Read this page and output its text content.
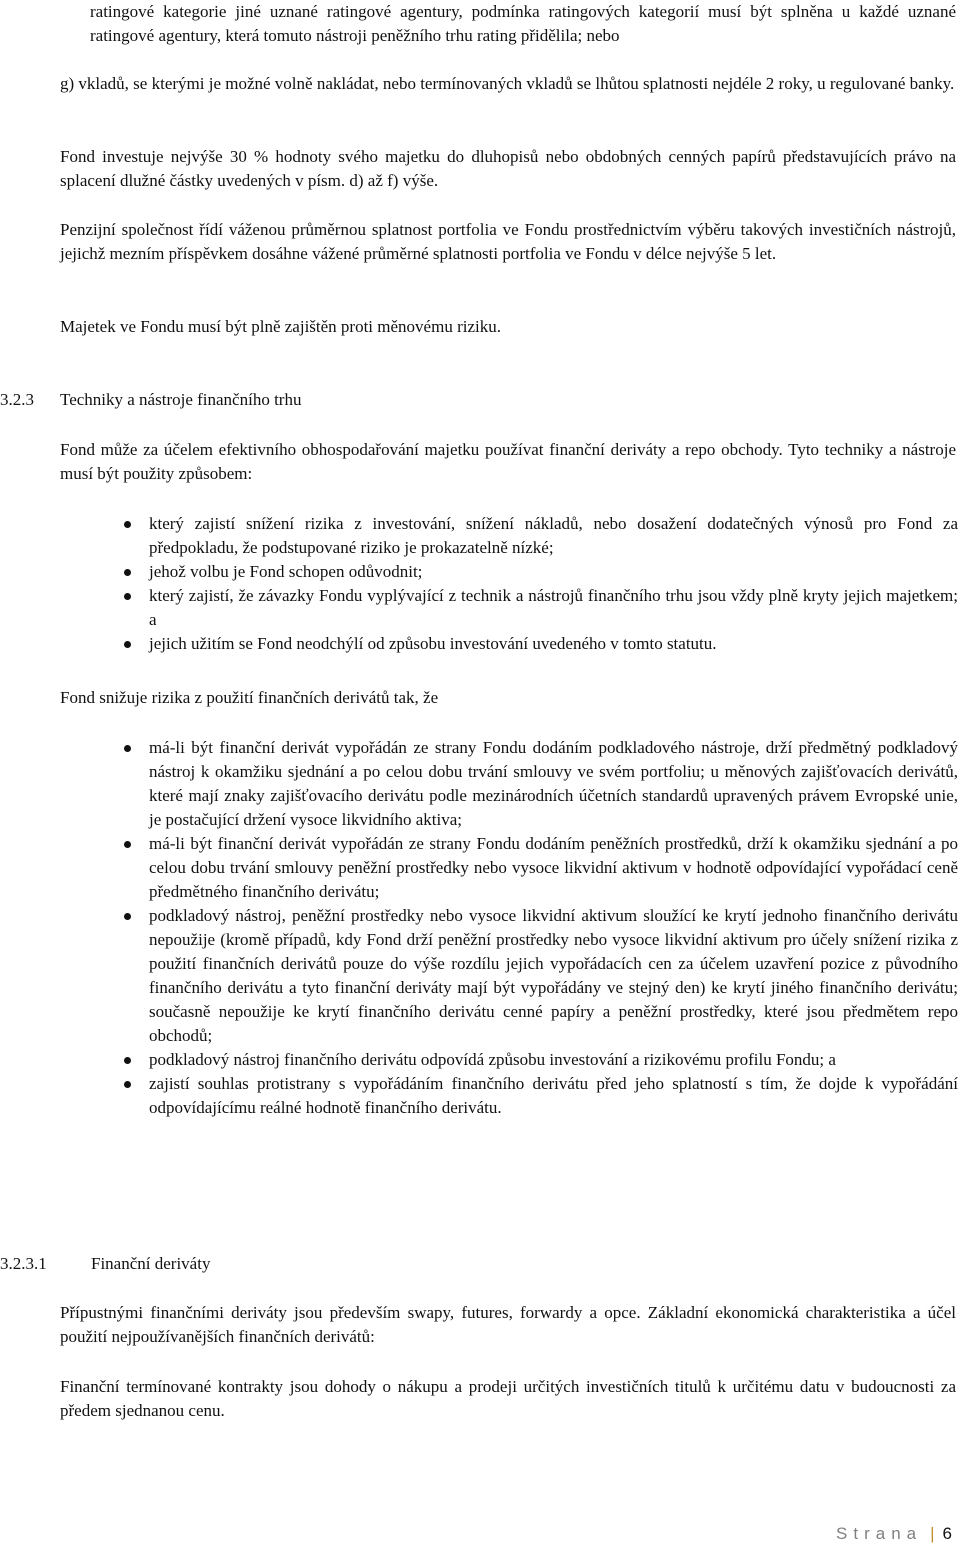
ratingové kategorie jiné uznané ratingové agentury, podmínka ratingových kategorií musí být splněna u každé uznané ratingové agentury, která tomuto nástroji peněžního trhu rating přidělila; nebo

g) vkladů, se kterými je možné volně nakládat, nebo termínovaných vkladů se lhůtou splatnosti nejdéle 2 roky, u regulované banky.

Fond investuje nejvýše 30 % hodnoty svého majetku do dluhopisů nebo obdobných cenných papírů představujících právo na splacení dlužné částky uvedených v písm. d) až f) výše.

Penzijní společnost řídí váženou průměrnou splatnost portfolia ve Fondu prostřednictvím výběru takových investičních nástrojů, jejichž mezním příspěvkem dosáhne vážené průměrné splatnosti portfolia ve Fondu v délce nejvýše 5 let.

Majetek ve Fondu musí být plně zajištěn proti měnovému riziku.

3.2.3 Techniky a nástroje finančního trhu

Fond může za účelem efektivního obhospodařování majetku používat finanční deriváty a repo obchody. Tyto techniky a nástroje musí být použity způsobem:

který zajistí snížení rizika z investování, snížení nákladů, nebo dosažení dodatečných výnosů pro Fond za předpokladu, že podstupované riziko je prokazatelně nízké;
jehož volbu je Fond schopen odůvodnit;
který zajistí, že závazky Fondu vyplývající z technik a nástrojů finančního trhu jsou vždy plně kryty jejich majetkem; a
jejich užitím se Fond neodchýlí od způsobu investování uvedeného v tomto statutu.

Fond snižuje rizika z použití finančních derivátů tak, že

má-li být finanční derivát vypořádán ze strany Fondu dodáním podkladového nástroje, drží předmětný podkladový nástroj k okamžiku sjednání a po celou dobu trvání smlouvy ve svém portfoliu; u měnových zajišťovacích derivátů, které mají znaky zajišťovacího derivátu podle mezinárodních účetních standardů upravených právem Evropské unie, je postačující držení vysoce likvidního aktiva;
má-li být finanční derivát vypořádán ze strany Fondu dodáním peněžních prostředků, drží k okamžiku sjednání a po celou dobu trvání smlouvy peněžní prostředky nebo vysoce likvidní aktivum v hodnotě odpovídající vypořádací ceně předmětného finančního derivátu;
podkladový nástroj, peněžní prostředky nebo vysoce likvidní aktivum sloužící ke krytí jednoho finančního derivátu nepoužije (kromě případů, kdy Fond drží peněžní prostředky nebo vysoce likvidní aktivum pro účely snížení rizika z použití finančních derivátů pouze do výše rozdílu jejich vypořádacích cen za účelem uzavření pozice z původního finančního derivátu a tyto finanční deriváty mají být vypořádány ve stejný den) ke krytí jiného finančního derivátu; současně nepoužije ke krytí finančního derivátu cenné papíry a peněžní prostředky, které jsou předmětem repo obchodů;
podkladový nástroj finančního derivátu odpovídá způsobu investování a rizikovému profilu Fondu; a
zajistí souhlas protistrany s vypořádáním finančního derivátu před jeho splatností s tím, že dojde k vypořádání odpovídajícímu reálné hodnotě finančního derivátu.
3.2.3.1	Finanční deriváty

Přípustnými finančními deriváty jsou především swapy, futures, forwardy a opce. Základní ekonomická charakteristika a účel použití nejpoužívanějších finančních derivátů:

Finanční termínované kontrakty jsou dohody o nákupu a prodeji určitých investičních titulů k určitému datu v budoucnosti za předem sjednanou cenu.

Strana | 6
